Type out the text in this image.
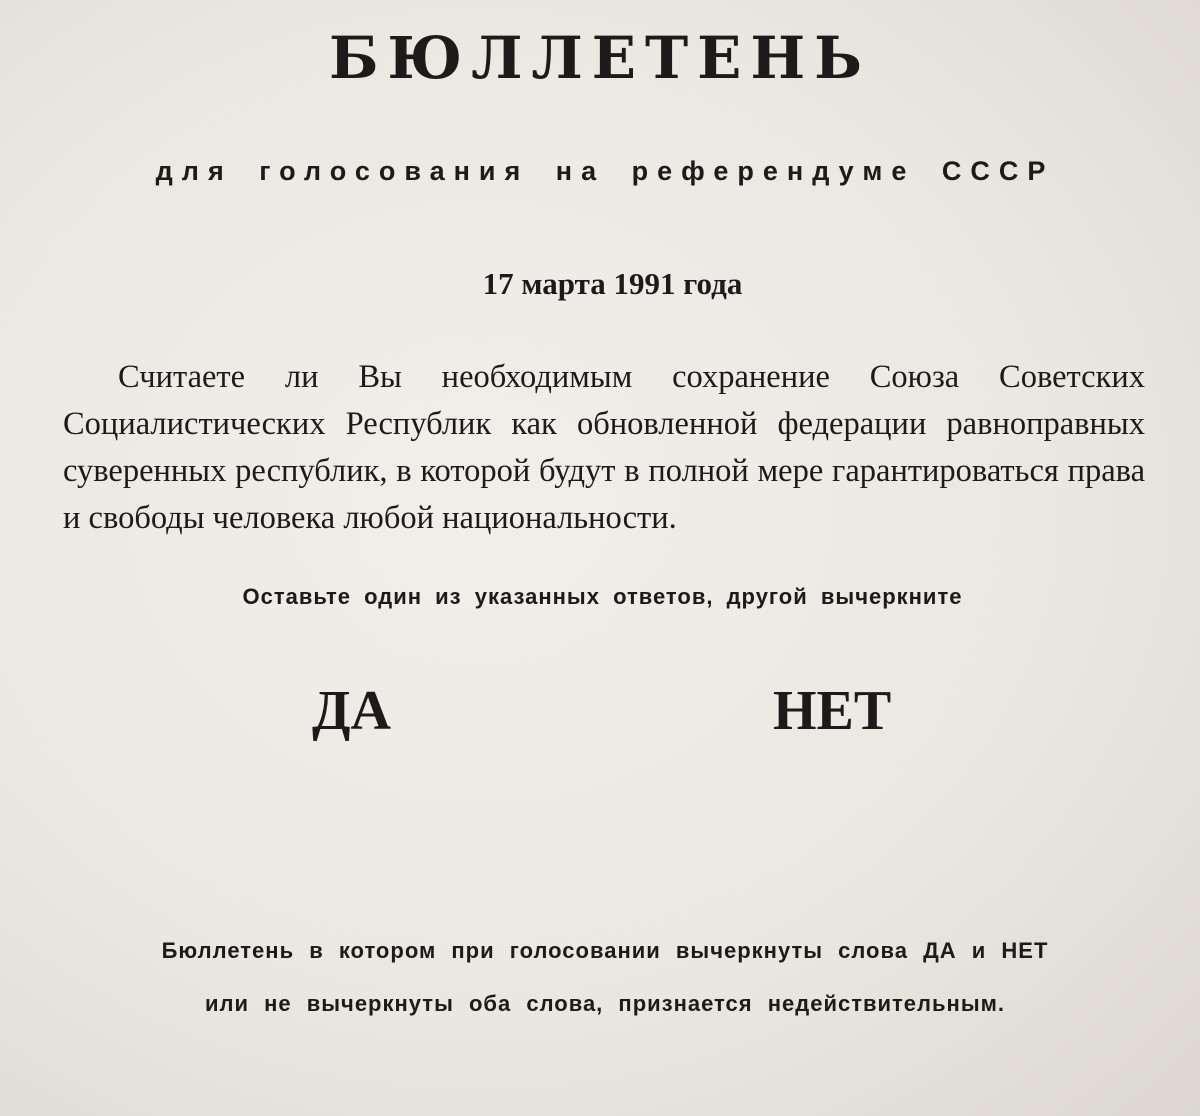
БЮЛЛЕТЕНЬ

для голосования на референдуме СССР

17 марта 1991 года

Считаете ли Вы необходимым сохранение Союза Советских Социалистических Республик как обновленной федерации равноправных суверенных республик, в которой будут в полной мере гарантироваться права и свободы человека любой национальности.

Оставьте один из указанных ответов, другой вычеркните

ДА	НЕТ

Бюллетень в котором при голосовании вычеркнуты слова ДА и НЕТ

или не вычеркнуты оба слова, признается недействительным.
